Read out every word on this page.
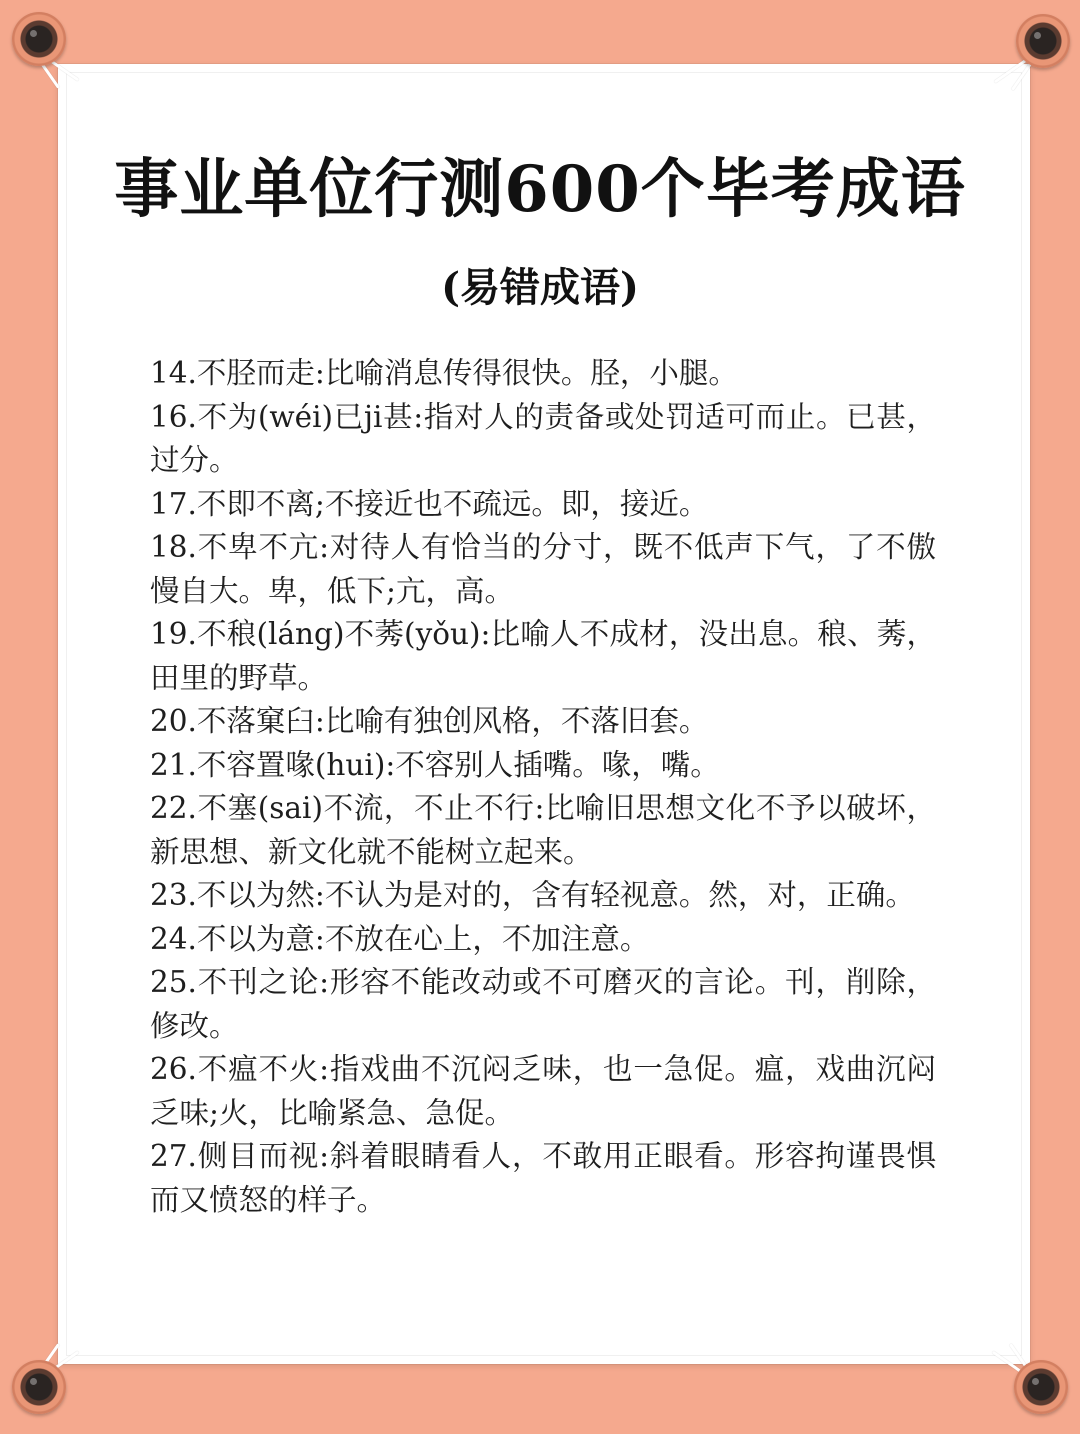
事业单位行测600个毕考成语
(易错成语)

14.不胫而走:比喻消息传得很快。胫，小腿。

16.不为(wéi)已ji甚:指对人的责备或处罚适可而止。已甚，过分。

17.不即不离;不接近也不疏远。即，接近。

18.不卑不亢:对待人有恰当的分寸，既不低声下气，了不傲慢自大。卑，低下;亢，高。

19.不稂(láng)不莠(yǒu):比喻人不成材，没出息。稂、莠，田里的野草。

20.不落窠臼:比喻有独创风格，不落旧套。

21.不容置喙(hui):不容别人插嘴。喙，嘴。

22.不塞(sai)不流，不止不行:比喻旧思想文化不予以破坏，新思想、新文化就不能树立起来。

23.不以为然:不认为是对的，含有轻视意。然，对，正确。

24.不以为意:不放在心上，不加注意。

25.不刊之论:形容不能改动或不可磨灭的言论。刊，削除，修改。

26.不瘟不火:指戏曲不沉闷乏味，也一急促。瘟，戏曲沉闷乏味;火，比喻紧急、急促。

27.侧目而视:斜着眼睛看人，不敢用正眼看。形容拘谨畏惧而又愤怒的样子。
